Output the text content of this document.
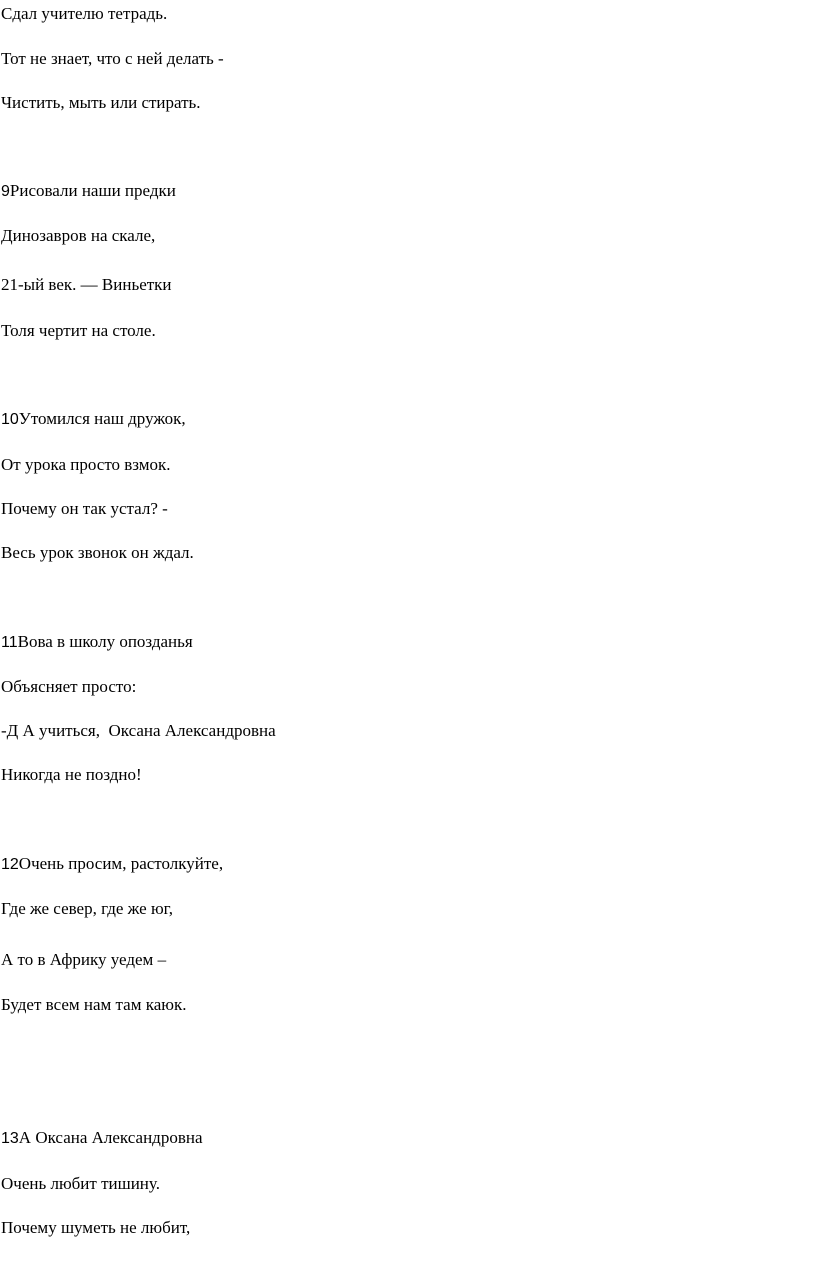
Сдал учителю тетрадь.
Тот не знает, что с ней делать -
Чистить, мыть или стирать.
9Рисовали наши предки
Динозавров на скале,
21-ый век. — Виньетки
Толя чертит на столе.
10Утомился наш дружок,
От урока просто взмок.
Почему он так устал? -
Весь урок звонок он ждал.
11Вова в школу опозданья
Объясняет просто:
-Д А учиться,  Оксана Александровна
Никогда не поздно!
12Очень просим, растолкуйте,
Где же север, где же юг,
А то в Африку уедем –
Будет всем нам там каюк.
13А Оксана Александровна
Очень любит тишину.
Почему шуметь не любит,
